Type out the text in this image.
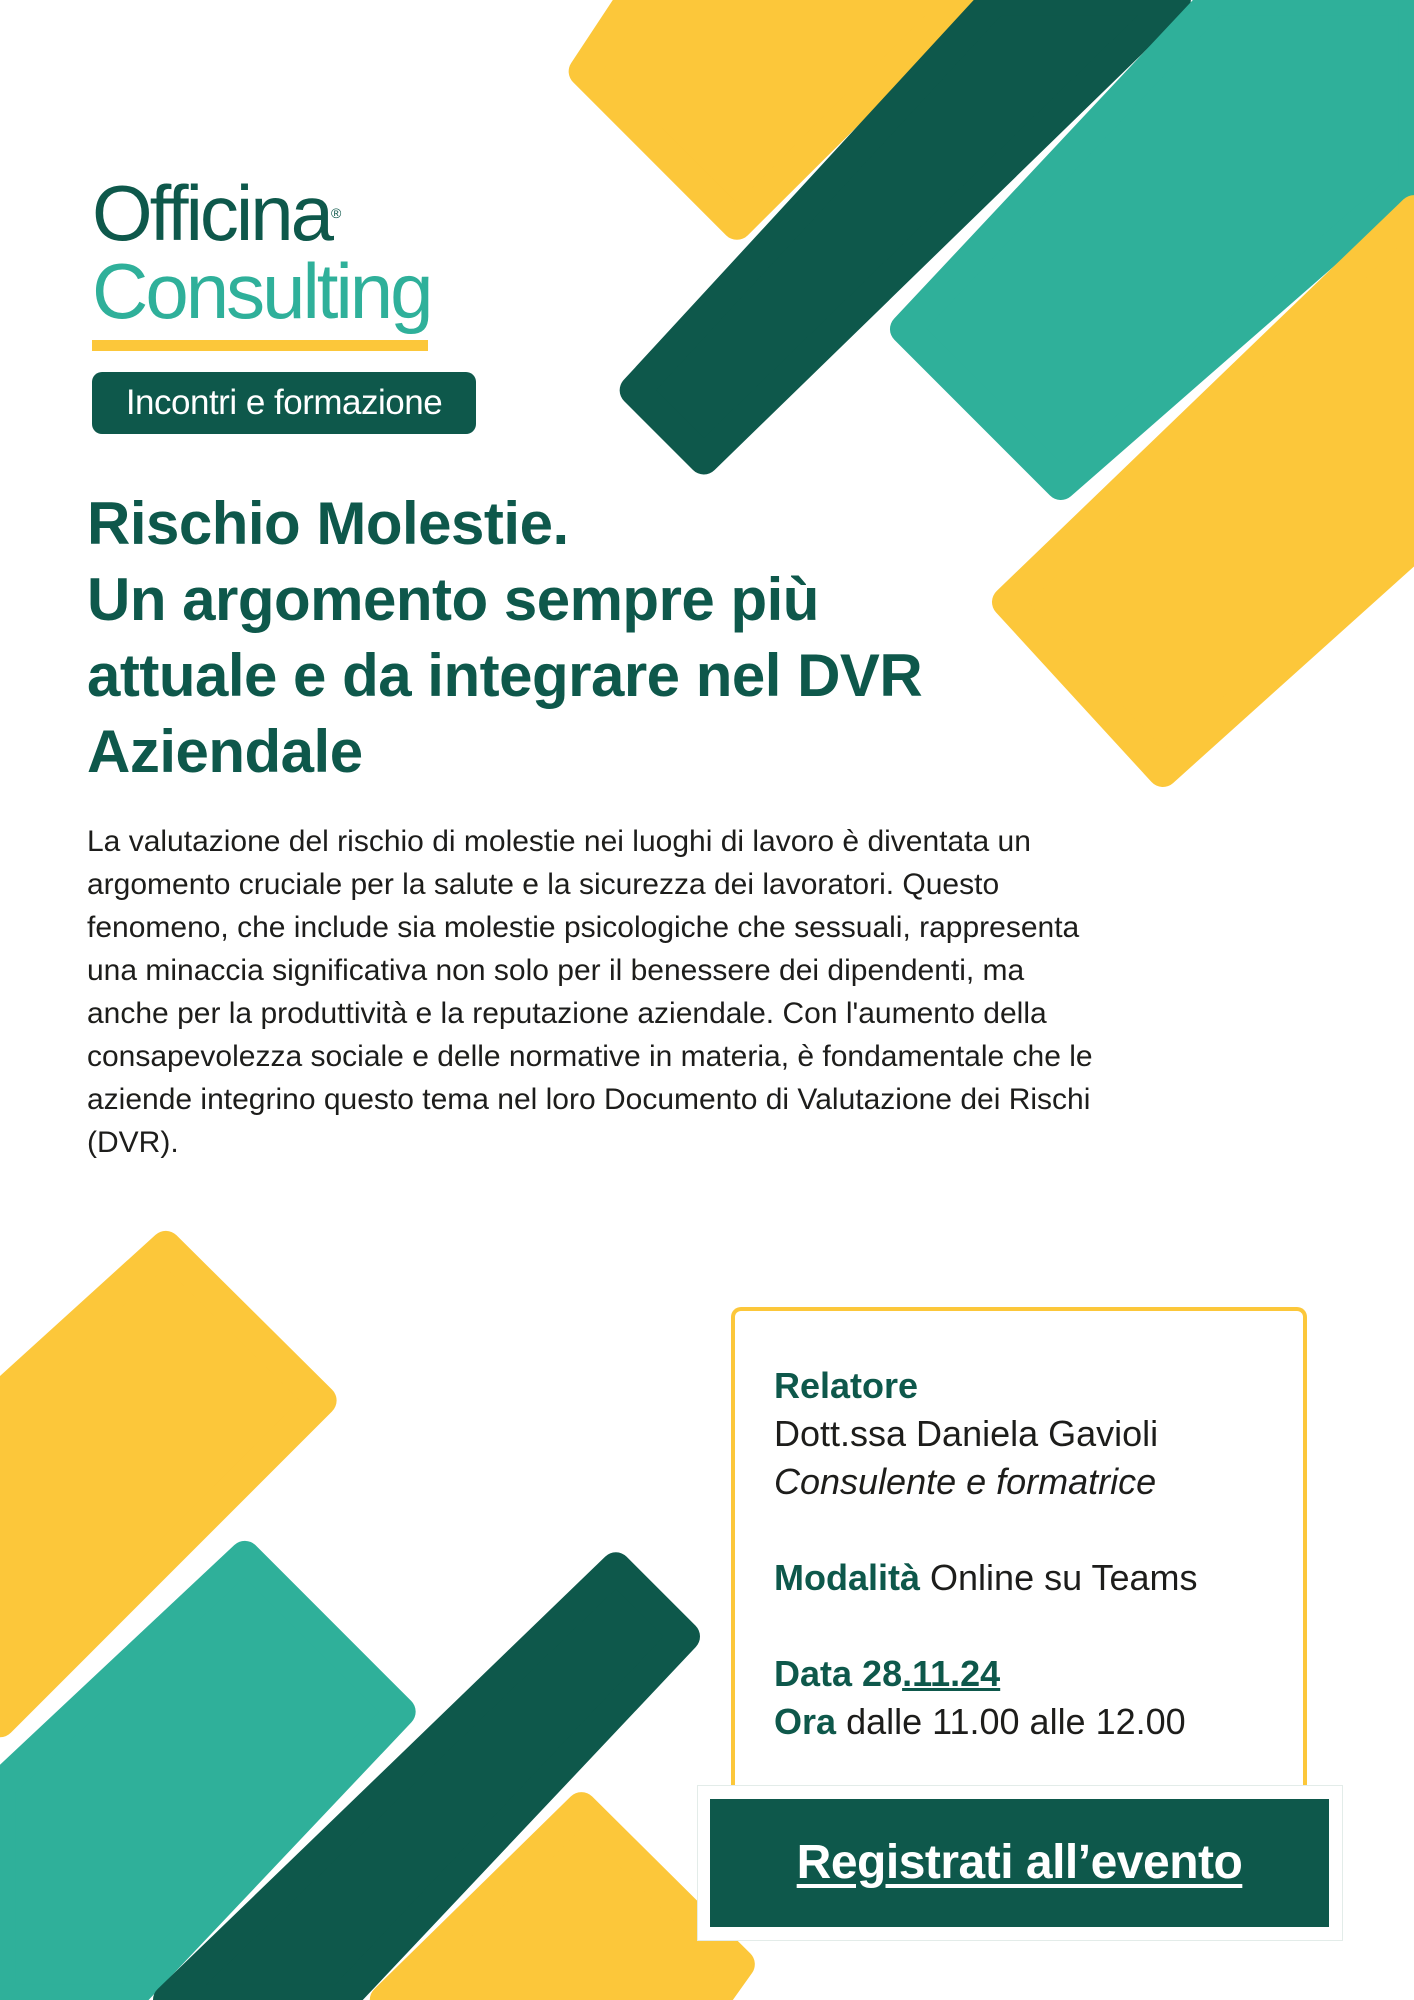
Officina®
Consulting
Incontri e formazione
Rischio Molestie.
Un argomento sempre più
attuale e da integrare nel DVR
Aziendale

La valutazione del rischio di molestie nei luoghi di lavoro è diventata un argomento cruciale per la salute e la sicurezza dei lavoratori. Questo fenomeno, che include sia molestie psicologiche che sessuali, rappresenta una minaccia significativa non solo per il benessere dei dipendenti, ma anche per la produttività e la reputazione aziendale. Con l'aumento della consapevolezza sociale e delle normative in materia, è fondamentale che le aziende integrino questo tema nel loro Documento di Valutazione dei Rischi (DVR).

Relatore
Dott.ssa Daniela Gavioli
Consulente e formatrice
Modalità Online su Teams
Data 28.11.24
Ora dalle 11.00 alle 12.00
Registrati all’evento
